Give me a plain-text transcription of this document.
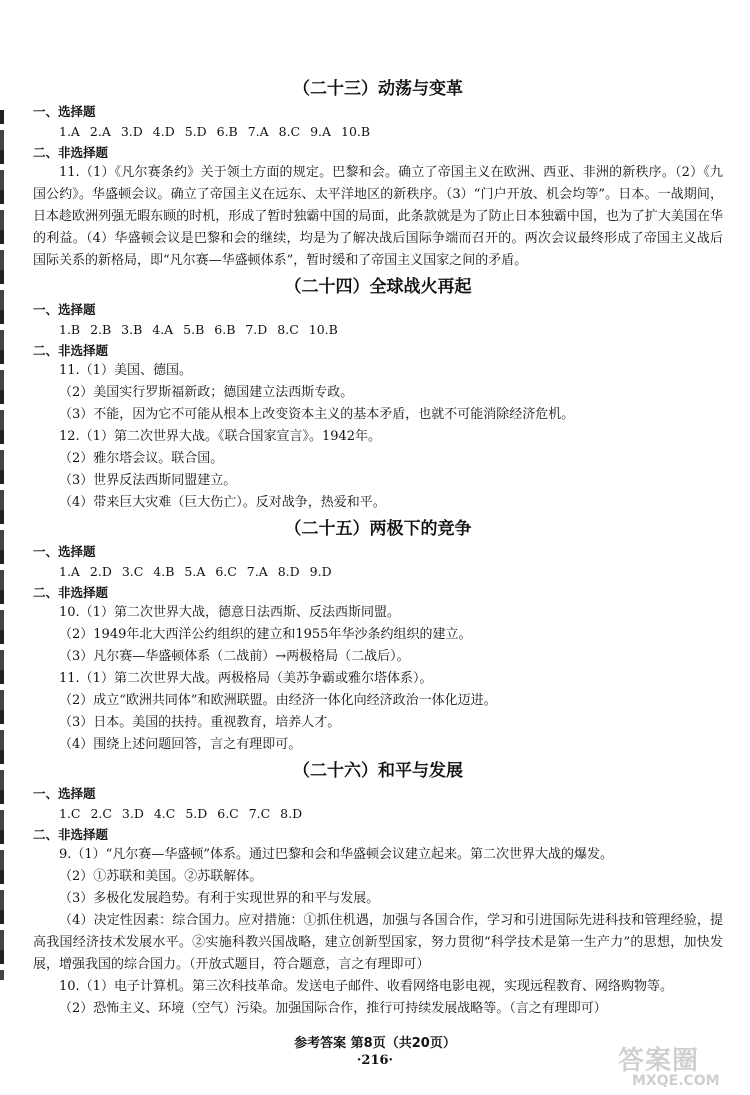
（二十三）动荡与变革
一、选择题
1.A 2.A 3.D 4.D 5.D 6.B 7.A 8.C 9.A 10.B
二、非选择题
11.（1）《凡尔赛条约》关于领土方面的规定。巴黎和会。确立了帝国主义在欧洲、西亚、非洲的新秩序。（2）《九国公约》。华盛顿会议。确立了帝国主义在远东、太平洋地区的新秩序。（3）“门户开放、机会均等”。日本。一战期间，日本趁欧洲列强无暇东顾的时机，形成了暂时独霸中国的局面，此条款就是为了防止日本独霸中国，也为了扩大美国在华的利益。（4）华盛顿会议是巴黎和会的继续，均是为了解决战后国际争端而召开的。两次会议最终形成了帝国主义战后国际关系的新格局，即“凡尔赛—华盛顿体系”，暂时缓和了帝国主义国家之间的矛盾。
（二十四）全球战火再起
一、选择题
1.B 2.B 3.B 4.A 5.B 6.B 7.D 8.C 10.B
二、非选择题
11.（1）美国、德国。
（2）美国实行罗斯福新政；德国建立法西斯专政。
（3）不能，因为它不可能从根本上改变资本主义的基本矛盾，也就不可能消除经济危机。
12.（1）第二次世界大战。《联合国家宣言》。1942年。
（2）雅尔塔会议。联合国。
（3）世界反法西斯同盟建立。
（4）带来巨大灾难（巨大伤亡）。反对战争，热爱和平。
（二十五）两极下的竞争
一、选择题
1.A 2.D 3.C 4.B 5.A 6.C 7.A 8.D 9.D
二、非选择题
10.（1）第二次世界大战，德意日法西斯、反法西斯同盟。
（2）1949年北大西洋公约组织的建立和1955年华沙条约组织的建立。
（3）凡尔赛—华盛顿体系（二战前）→两极格局（二战后）。
11.（1）第二次世界大战。两极格局（美苏争霸或雅尔塔体系）。
（2）成立“欧洲共同体”和欧洲联盟。由经济一体化向经济政治一体化迈进。
（3）日本。美国的扶持。重视教育，培养人才。
（4）围绕上述问题回答，言之有理即可。
（二十六）和平与发展
一、选择题
1.C 2.C 3.D 4.C 5.D 6.C 7.C 8.D
二、非选择题
9.（1）“凡尔赛—华盛顿”体系。通过巴黎和会和华盛顿会议建立起来。第二次世界大战的爆发。
（2）①苏联和美国。②苏联解体。
（3）多极化发展趋势。有利于实现世界的和平与发展。
（4）决定性因素：综合国力。应对措施：①抓住机遇，加强与各国合作，学习和引进国际先进科技和管理经验，提高我国经济技术发展水平。②实施科教兴国战略，建立创新型国家，努力贯彻“科学技术是第一生产力”的思想，加快发展，增强我国的综合国力。（开放式题目，符合题意，言之有理即可）
10.（1）电子计算机。第三次科技革命。发送电子邮件、收看网络电影电视，实现远程教育、网络购物等。
（2）恐怖主义、环境（空气）污染。加强国际合作，推行可持续发展战略等。（言之有理即可）
参考答案 第8页（共20页）
·216·	答案圈
MXQE.COM
